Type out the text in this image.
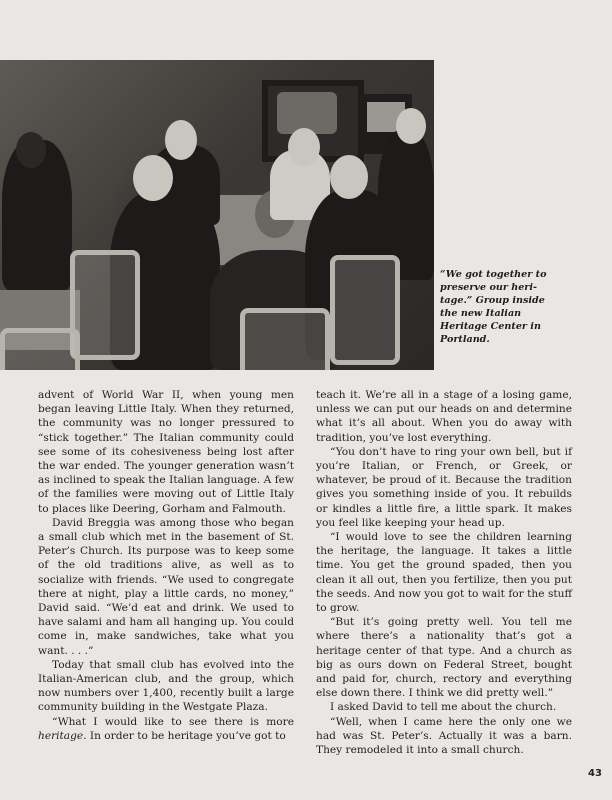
“We got together to
preserve our heri-
tage.” Group inside
the new Italian
Heritage Center in
Portland.

advent of World War II, when young men began leaving Little Italy. When they returned, the community was no longer pressured to “stick together.” The Italian community could see some of its cohesiveness being lost after the war ended. The younger generation wasn’t as inclined to speak the Italian language. A few of the families were moving out of Little Italy to places like Deering, Gorham and Falmouth.

David Breggia was among those who began a small club which met in the basement of St. Peter’s Church. Its purpose was to keep some of the old traditions alive, as well as to socialize with friends. “We used to congregate there at night, play a little cards, no money,” David said. “We’d eat and drink. We used to have salami and ham all hanging up. You could come in, make sandwiches, take what you want. . . .”

Today that small club has evolved into the Italian-American club, and the group, which now numbers over 1,400, recently built a large community building in the Westgate Plaza.

“What I would like to see there is more heritage. In order to be heritage you’ve got to

teach it. We’re all in a stage of a losing game, unless we can put our heads on and determine what it’s all about. When you do away with tradition, you’ve lost everything.

“You don’t have to ring your own bell, but if you’re Italian, or French, or Greek, or whatever, be proud of it. Because the tradition gives you something inside of you. It rebuilds or kindles a little fire, a little spark. It makes you feel like keeping your head up.

“I would love to see the children learning the heritage, the language. It takes a little time. You get the ground spaded, then you clean it all out, then you fertilize, then you put the seeds. And now you got to wait for the stuff to grow.

“But it’s going pretty well. You tell me where there’s a nationality that’s got a heritage center of that type. And a church as big as ours down on Federal Street, bought and paid for, church, rectory and everything else down there. I think we did pretty well.”

I asked David to tell me about the church.

“Well, when I came here the only one we had was St. Peter’s. Actually it was a barn. They remodeled it into a small church.

43
